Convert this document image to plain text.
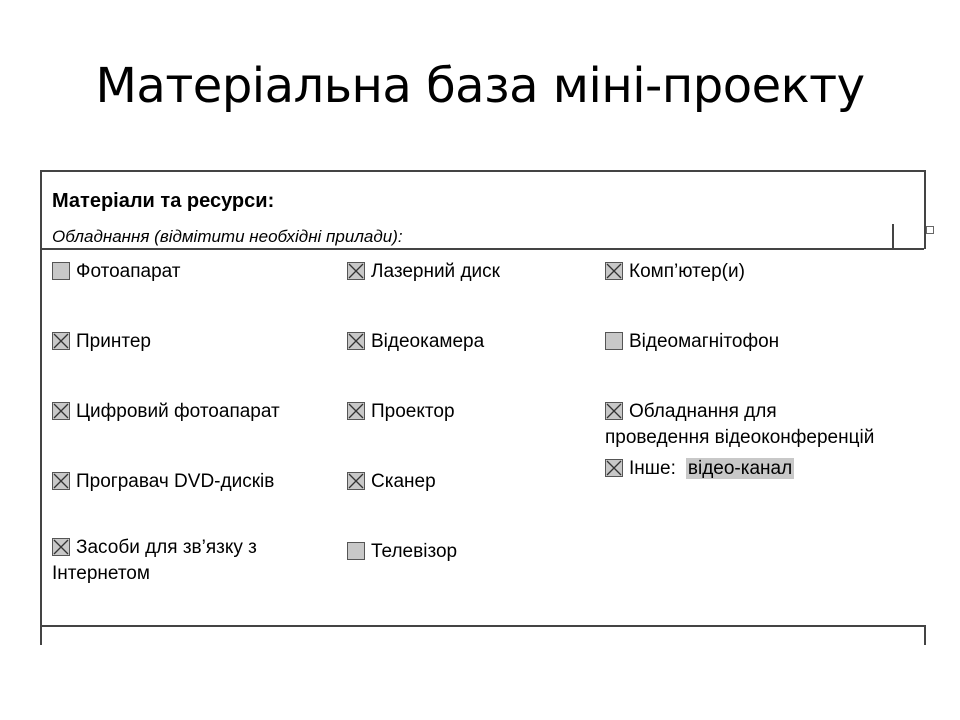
Матеріальна база міні-проекту
Матеріали та ресурси:
Обладнання (відмітити необхідні прилади):
Фотоапарат
Принтер
Цифровий фотоапарат
Програвач DVD-дисків
Засоби для зв’язку з
Інтернетом
Лазерний диск
Відеокамера
Проектор
Сканер
Телевізор
Комп’ютер(и)
Відеомагнітофон
Обладнання для
проведення відеоконференцій
Інше: відео-канал
